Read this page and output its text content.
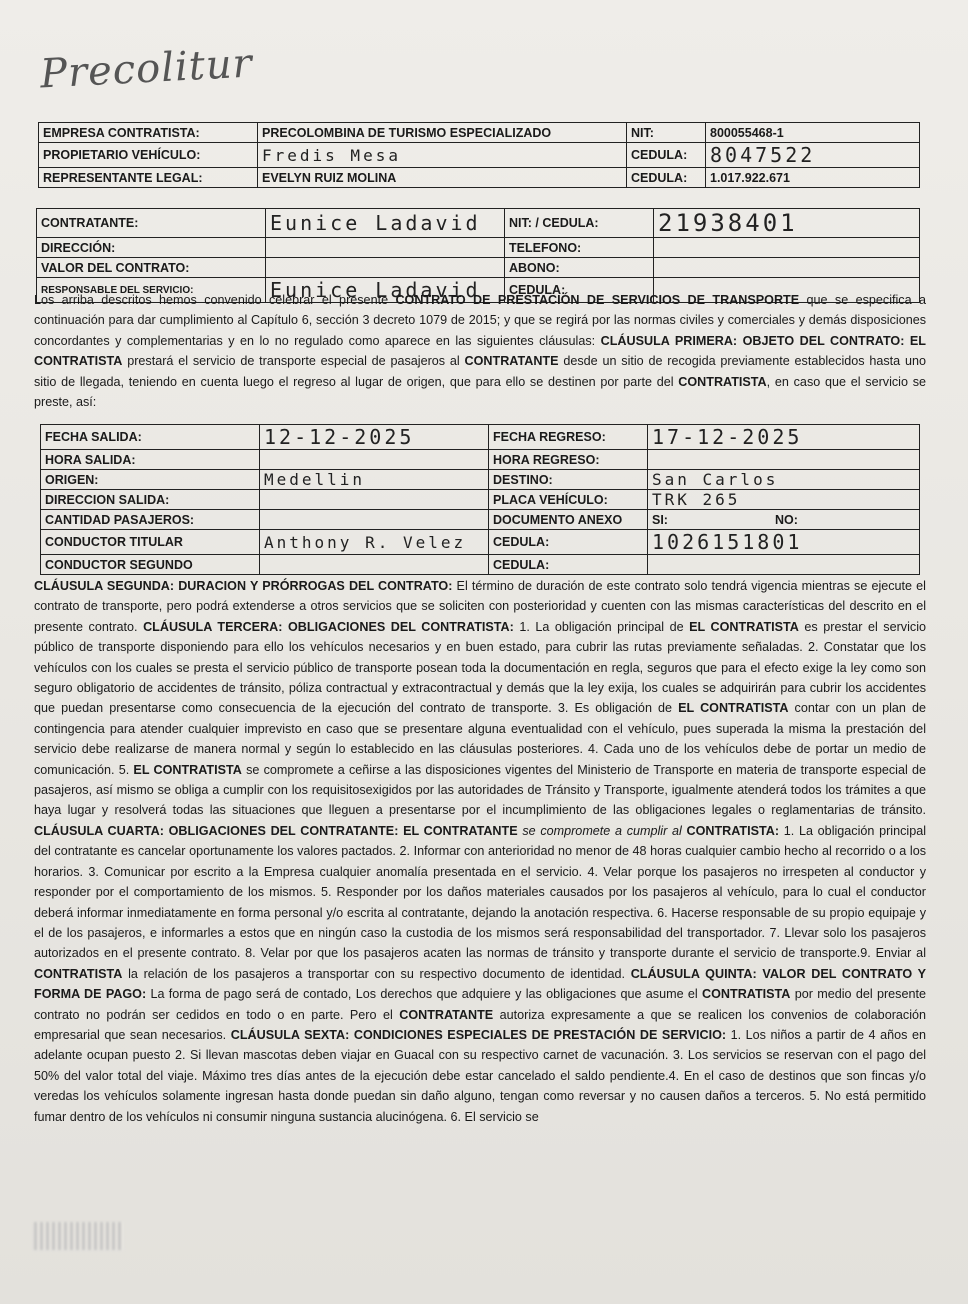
Precolitur
EMPRESA CONTRATISTA:	PRECOLOMBINA DE TURISMO ESPECIALIZADO	NIT:	800055468-1
PROPIETARIO VEHÍCULO:	Fredis Mesa	CEDULA:	8047522
REPRESENTANTE LEGAL:	EVELYN RUIZ MOLINA	CEDULA:	1.017.922.671
CONTRATANTE:	Eunice Ladavid	NIT: / CEDULA:	21938401
DIRECCIÓN:		TELEFONO:	
VALOR DEL CONTRATO:		ABONO:	
RESPONSABLE DEL SERVICIO:	Eunice Ladavid	CEDULA:	
Los arriba descritos hemos convenido celebrar el presente CONTRATO DE PRESTACIÓN DE SERVICIOS DE TRANSPORTE que se especifica a continuación para dar cumplimiento al Capítulo 6, sección 3 decreto 1079 de 2015; y que se regirá por las normas civiles y comerciales y demás disposiciones concordantes y complementarias y en lo no regulado como aparece en las siguientes cláusulas: CLÁUSULA PRIMERA: OBJETO DEL CONTRATO: EL CONTRATISTA prestará el servicio de transporte especial de pasajeros al CONTRATANTE desde un sitio de recogida previamente establecidos hasta uno sitio de llegada, teniendo en cuenta luego el regreso al lugar de origen, que para ello se destinen por parte del CONTRATISTA, en caso que el servicio se preste, así:
FECHA SALIDA:	12-12-2025	FECHA REGRESO:	17-12-2025
HORA SALIDA:		HORA REGRESO:	
ORIGEN:	Medellin	DESTINO:	San Carlos
DIRECCION SALIDA:		PLACA VEHÍCULO:	TRK 265
CANTIDAD PASAJEROS:		DOCUMENTO ANEXO	SI: NO:
CONDUCTOR TITULAR	Anthony R. Velez	CEDULA:	1026151801
CONDUCTOR SEGUNDO		CEDULA:	
CLÁUSULA SEGUNDA: DURACION Y PRÓRROGAS DEL CONTRATO: El término de duración de este contrato solo tendrá vigencia mientras se ejecute el contrato de transporte, pero podrá extenderse a otros servicios que se soliciten con posterioridad y cuenten con las mismas características del descrito en el presente contrato. CLÁUSULA TERCERA: OBLIGACIONES DEL CONTRATISTA: 1. La obligación principal de EL CONTRATISTA es prestar el servicio público de transporte disponiendo para ello los vehículos necesarios y en buen estado, para cubrir las rutas previamente señaladas. 2. Constatar que los vehículos con los cuales se presta el servicio público de transporte posean toda la documentación en regla, seguros que para el efecto exige la ley como son seguro obligatorio de accidentes de tránsito, póliza contractual y extracontractual y demás que la ley exija, los cuales se adquirirán para cubrir los accidentes que puedan presentarse como consecuencia de la ejecución del contrato de transporte. 3. Es obligación de EL CONTRATISTA contar con un plan de contingencia para atender cualquier imprevisto en caso que se presentare alguna eventualidad con el vehículo, pues superada la misma la prestación del servicio debe realizarse de manera normal y según lo establecido en las cláusulas posteriores. 4. Cada uno de los vehículos debe de portar un medio de comunicación. 5. EL CONTRATISTA se compromete a ceñirse a las disposiciones vigentes del Ministerio de Transporte en materia de transporte especial de pasajeros, así mismo se obliga a cumplir con los requisitosexigidos por las autoridades de Tránsito y Transporte, igualmente atenderá todos los trámites a que haya lugar y resolverá todas las situaciones que lleguen a presentarse por el incumplimiento de las obligaciones legales o reglamentarias de tránsito. CLÁUSULA CUARTA: OBLIGACIONES DEL CONTRATANTE: EL CONTRATANTE se compromete a cumplir al CONTRATISTA: 1. La obligación principal del contratante es cancelar oportunamente los valores pactados. 2. Informar con anterioridad no menor de 48 horas cualquier cambio hecho al recorrido o a los horarios. 3. Comunicar por escrito a la Empresa cualquier anomalía presentada en el servicio. 4. Velar porque los pasajeros no irrespeten al conductor y responder por el comportamiento de los mismos. 5. Responder por los daños materiales causados por los pasajeros al vehículo, para lo cual el conductor deberá informar inmediatamente en forma personal y/o escrita al contratante, dejando la anotación respectiva. 6. Hacerse responsable de su propio equipaje y el de los pasajeros, e informarles a estos que en ningún caso la custodia de los mismos será responsabilidad del transportador. 7. Llevar solo los pasajeros autorizados en el presente contrato. 8. Velar por que los pasajeros acaten las normas de tránsito y transporte durante el servicio de transporte.9. Enviar al CONTRATISTA la relación de los pasajeros a transportar con su respectivo documento de identidad. CLÁUSULA QUINTA: VALOR DEL CONTRATO Y FORMA DE PAGO: La forma de pago será de contado, Los derechos que adquiere y las obligaciones que asume el CONTRATISTA por medio del presente contrato no podrán ser cedidos en todo o en parte. Pero el CONTRATANTE autoriza expresamente a que se realicen los convenios de colaboración empresarial que sean necesarios. CLÁUSULA SEXTA: CONDICIONES ESPECIALES DE PRESTACIÓN DE SERVICIO: 1. Los niños a partir de 4 años en adelante ocupan puesto 2. Si llevan mascotas deben viajar en Guacal con su respectivo carnet de vacunación. 3. Los servicios se reservan con el pago del 50% del valor total del viaje. Máximo tres días antes de la ejecución debe estar cancelado el saldo pendiente.4. En el caso de destinos que son fincas y/o veredas los vehículos solamente ingresan hasta donde puedan sin daño alguno, tengan como reversar y no causen daños a terceros. 5. No está permitido fumar dentro de los vehículos ni consumir ninguna sustancia alucinógena. 6. El servicio se
